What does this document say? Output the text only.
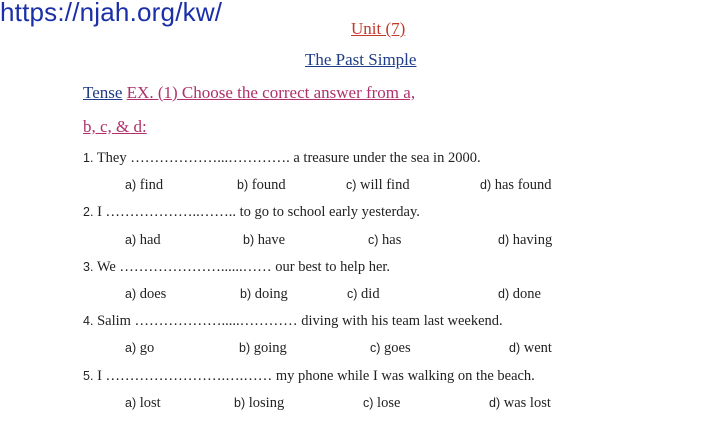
https://njah.org/kw/
Unit (7)
The Past Simple
Tense EX. (1) Choose the correct answer from a,
b, c, & d:
1. They ………………...…………. a treasure under the sea in 2000.
a) find	b) found	c) will find	d) has found
2. I ………………..…….. to go to school early yesterday.
a) had	b) have	c) has	d) having
3. We …………………......…… our best to help her.
a) does	b) doing	c) did	d) done
4. Salim ……………….....………… diving with his team last weekend.
a) go	b) going	c) goes	d) went
5. I …………………….….…… my phone while I was walking on the beach.
a) lost	b) losing	c) lose	d) was lost
